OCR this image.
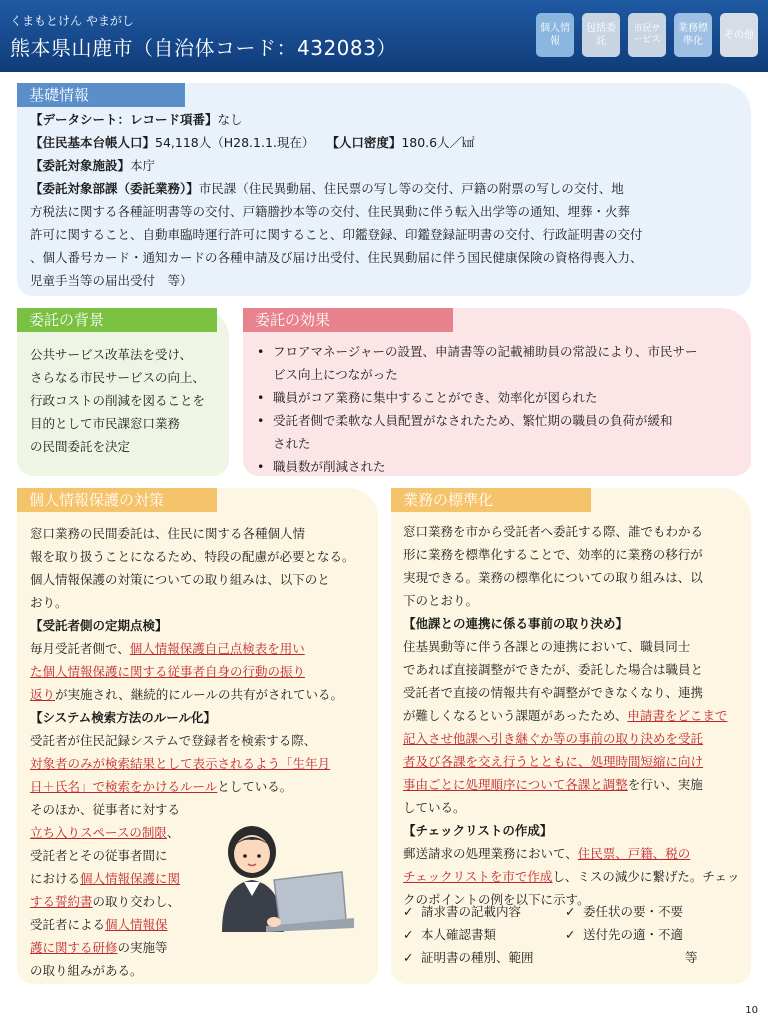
くまもとけん やまがし
熊本県山鹿市（自治体コード：432083）
個人情報
包括委託
市民サービス
業務標準化
その他
基礎情報
【データシート：レコード項番】なし
【住民基本台帳人口】54,118人（H28.1.1.現在） 【人口密度】180.6人／㎢
【委託対象施設】本庁
【委託対象部課（委託業務）】市民課（住民異動届、住民票の写し等の交付、戸籍の附票の写しの交付、地
方税法に関する各種証明書等の交付、戸籍謄抄本等の交付、住民異動に伴う転入出学等の通知、埋葬・火葬
許可に関すること、自動車臨時運行許可に関すること、印鑑登録、印鑑登録証明書の交付、行政証明書の交付
、個人番号カード・通知カードの各種申請及び届け出受付、住民異動届に伴う国民健康保険の資格得喪入力、
児童手当等の届出受付　等）
委託の背景
公共サービス改革法を受け、
さらなる市民サービスの向上、
行政コストの削減を図ることを
目的として市民課窓口業務
の民間委託を決定
委託の効果
• フロアマネージャーの設置、申請書等の記載補助員の常設により、市民サー
ビス向上につながった
• 職員がコア業務に集中することができ、効率化が図られた
• 受託者側で柔軟な人員配置がなされたため、繁忙期の職員の負荷が緩和
された
• 職員数が削減された
個人情報保護の対策
窓口業務の民間委託は、住民に関する各種個人情
報を取り扱うことになるため、特段の配慮が必要となる。
個人情報保護の対策についての取り組みは、以下のと
おり。
【受託者側の定期点検】
毎月受託者側で、個人情報保護自己点検表を用い
た個人情報保護に関する従事者自身の行動の振り
返りが実施され、継続的にルールの共有がされている。
【システム検索方法のルール化】
受託者が住民記録システムで登録者を検索する際、
対象者のみが検索結果として表示されるよう「生年月
日＋氏名」で検索をかけるルールとしている。
そのほか、従事者に対する
立ち入りスペースの制限、
受託者とその従事者間に
における個人情報保護に関
する誓約書の取り交わし、
受託者による個人情報保
護に関する研修の実施等
の取り組みがある。
業務の標準化
窓口業務を市から受託者へ委託する際、誰でもわかる
形に業務を標準化することで、効率的に業務の移行が
実現できる。業務の標準化についての取り組みは、以
下のとおり。
【他課との連携に係る事前の取り決め】
住基異動等に伴う各課との連携において、職員同士
であれば直接調整ができたが、委託した場合は職員と
受託者で直接の情報共有や調整ができなくなり、連携
が難しくなるという課題があったため、申請書をどこまで
記入させ他課へ引き継ぐか等の事前の取り決めを受託
者及び各課を交え行うとともに、処理時間短縮に向け
事由ごとに処理順序について各課と調整を行い、実施
している。
【チェックリストの作成】
郵送請求の処理業務において、住民票、戸籍、税の
チェックリストを市で作成し、ミスの減少に繋げた。チェッ
クのポイントの例を以下に示す。
✓ 請求書の記載内容	✓ 委任状の要・不要
✓ 本人確認書類	✓ 送付先の適・不適
✓ 証明書の種別、範囲	等
10
